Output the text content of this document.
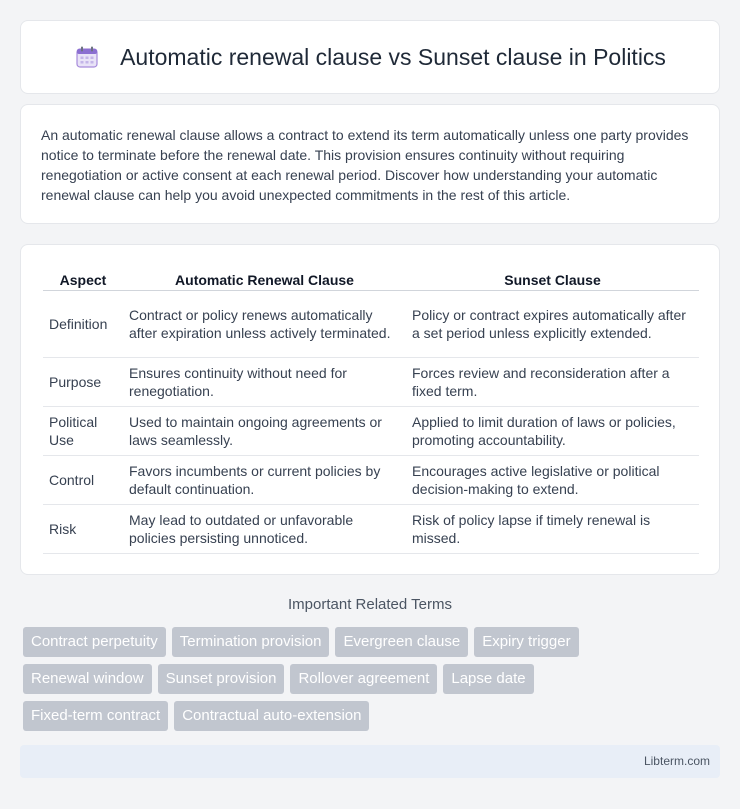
Automatic renewal clause vs Sunset clause in Politics

An automatic renewal clause allows a contract to extend its term automatically unless one party provides notice to terminate before the renewal date. This provision ensures continuity without requiring renegotiation or active consent at each renewal period. Discover how understanding your automatic renewal clause can help you avoid unexpected commitments in the rest of this article.

Aspect	Automatic Renewal Clause	Sunset Clause
Definition	Contract or policy renews automatically after expiration unless actively terminated.	Policy or contract expires automatically after a set period unless explicitly extended.
Purpose	Ensures continuity without need for renegotiation.	Forces review and reconsideration after a fixed term.
Political Use	Used to maintain ongoing agreements or laws seamlessly.	Applied to limit duration of laws or policies, promoting accountability.
Control	Favors incumbents or current policies by default continuation.	Encourages active legislative or political decision-making to extend.
Risk	May lead to outdated or unfavorable policies persisting unnoticed.	Risk of policy lapse if timely renewal is missed.
Important Related Terms
Contract perpetuity	Termination provision	Evergreen clause	Expiry trigger
Renewal window	Sunset provision	Rollover agreement	Lapse date
Fixed-term contract	Contractual auto-extension
Libterm.com
